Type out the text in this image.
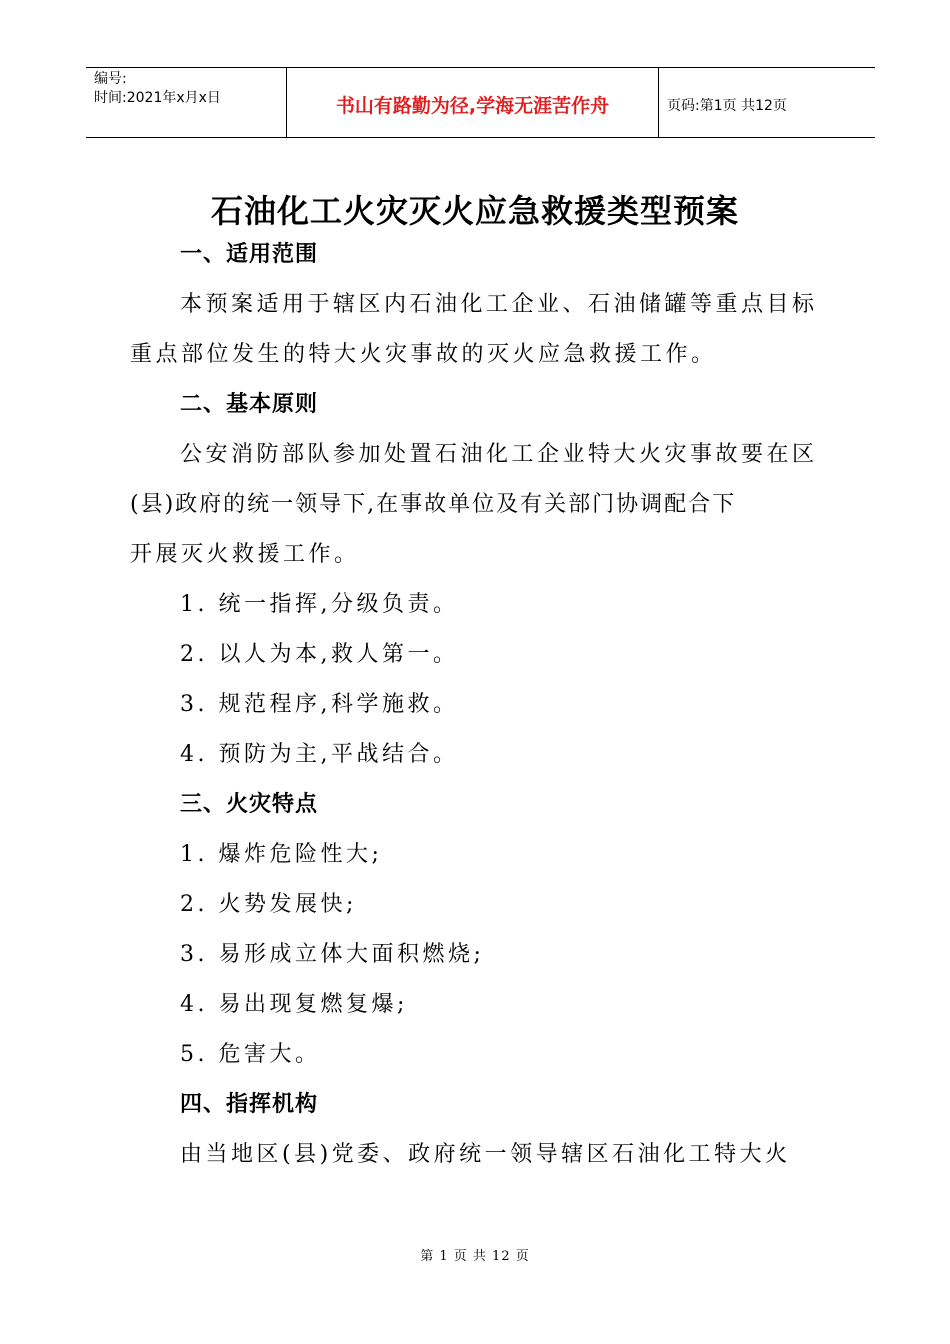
编号:
时间:2021年x月x日	书山有路勤为径,学海无涯苦作舟	页码:第1页 共12页
石油化工火灾灭火应急救援类型预案
一、适用范围
本预案适用于辖区内石油化工企业、石油储罐等重点目标
重点部位发生的特大火灾事故的灭火应急救援工作。
二、基本原则
公安消防部队参加处置石油化工企业特大火灾事故要在区
(县)政府的统一领导下,在事故单位及有关部门协调配合下
开展灭火救援工作。
1. 统一指挥,分级负责。
2. 以人为本,救人第一。
3. 规范程序,科学施救。
4. 预防为主,平战结合。
三、火灾特点
1. 爆炸危险性大;
2. 火势发展快;
3. 易形成立体大面积燃烧;
4. 易出现复燃复爆;
5. 危害大。
四、指挥机构
由当地区(县)党委、政府统一领导辖区石油化工特大火
第 1 页 共 12 页
